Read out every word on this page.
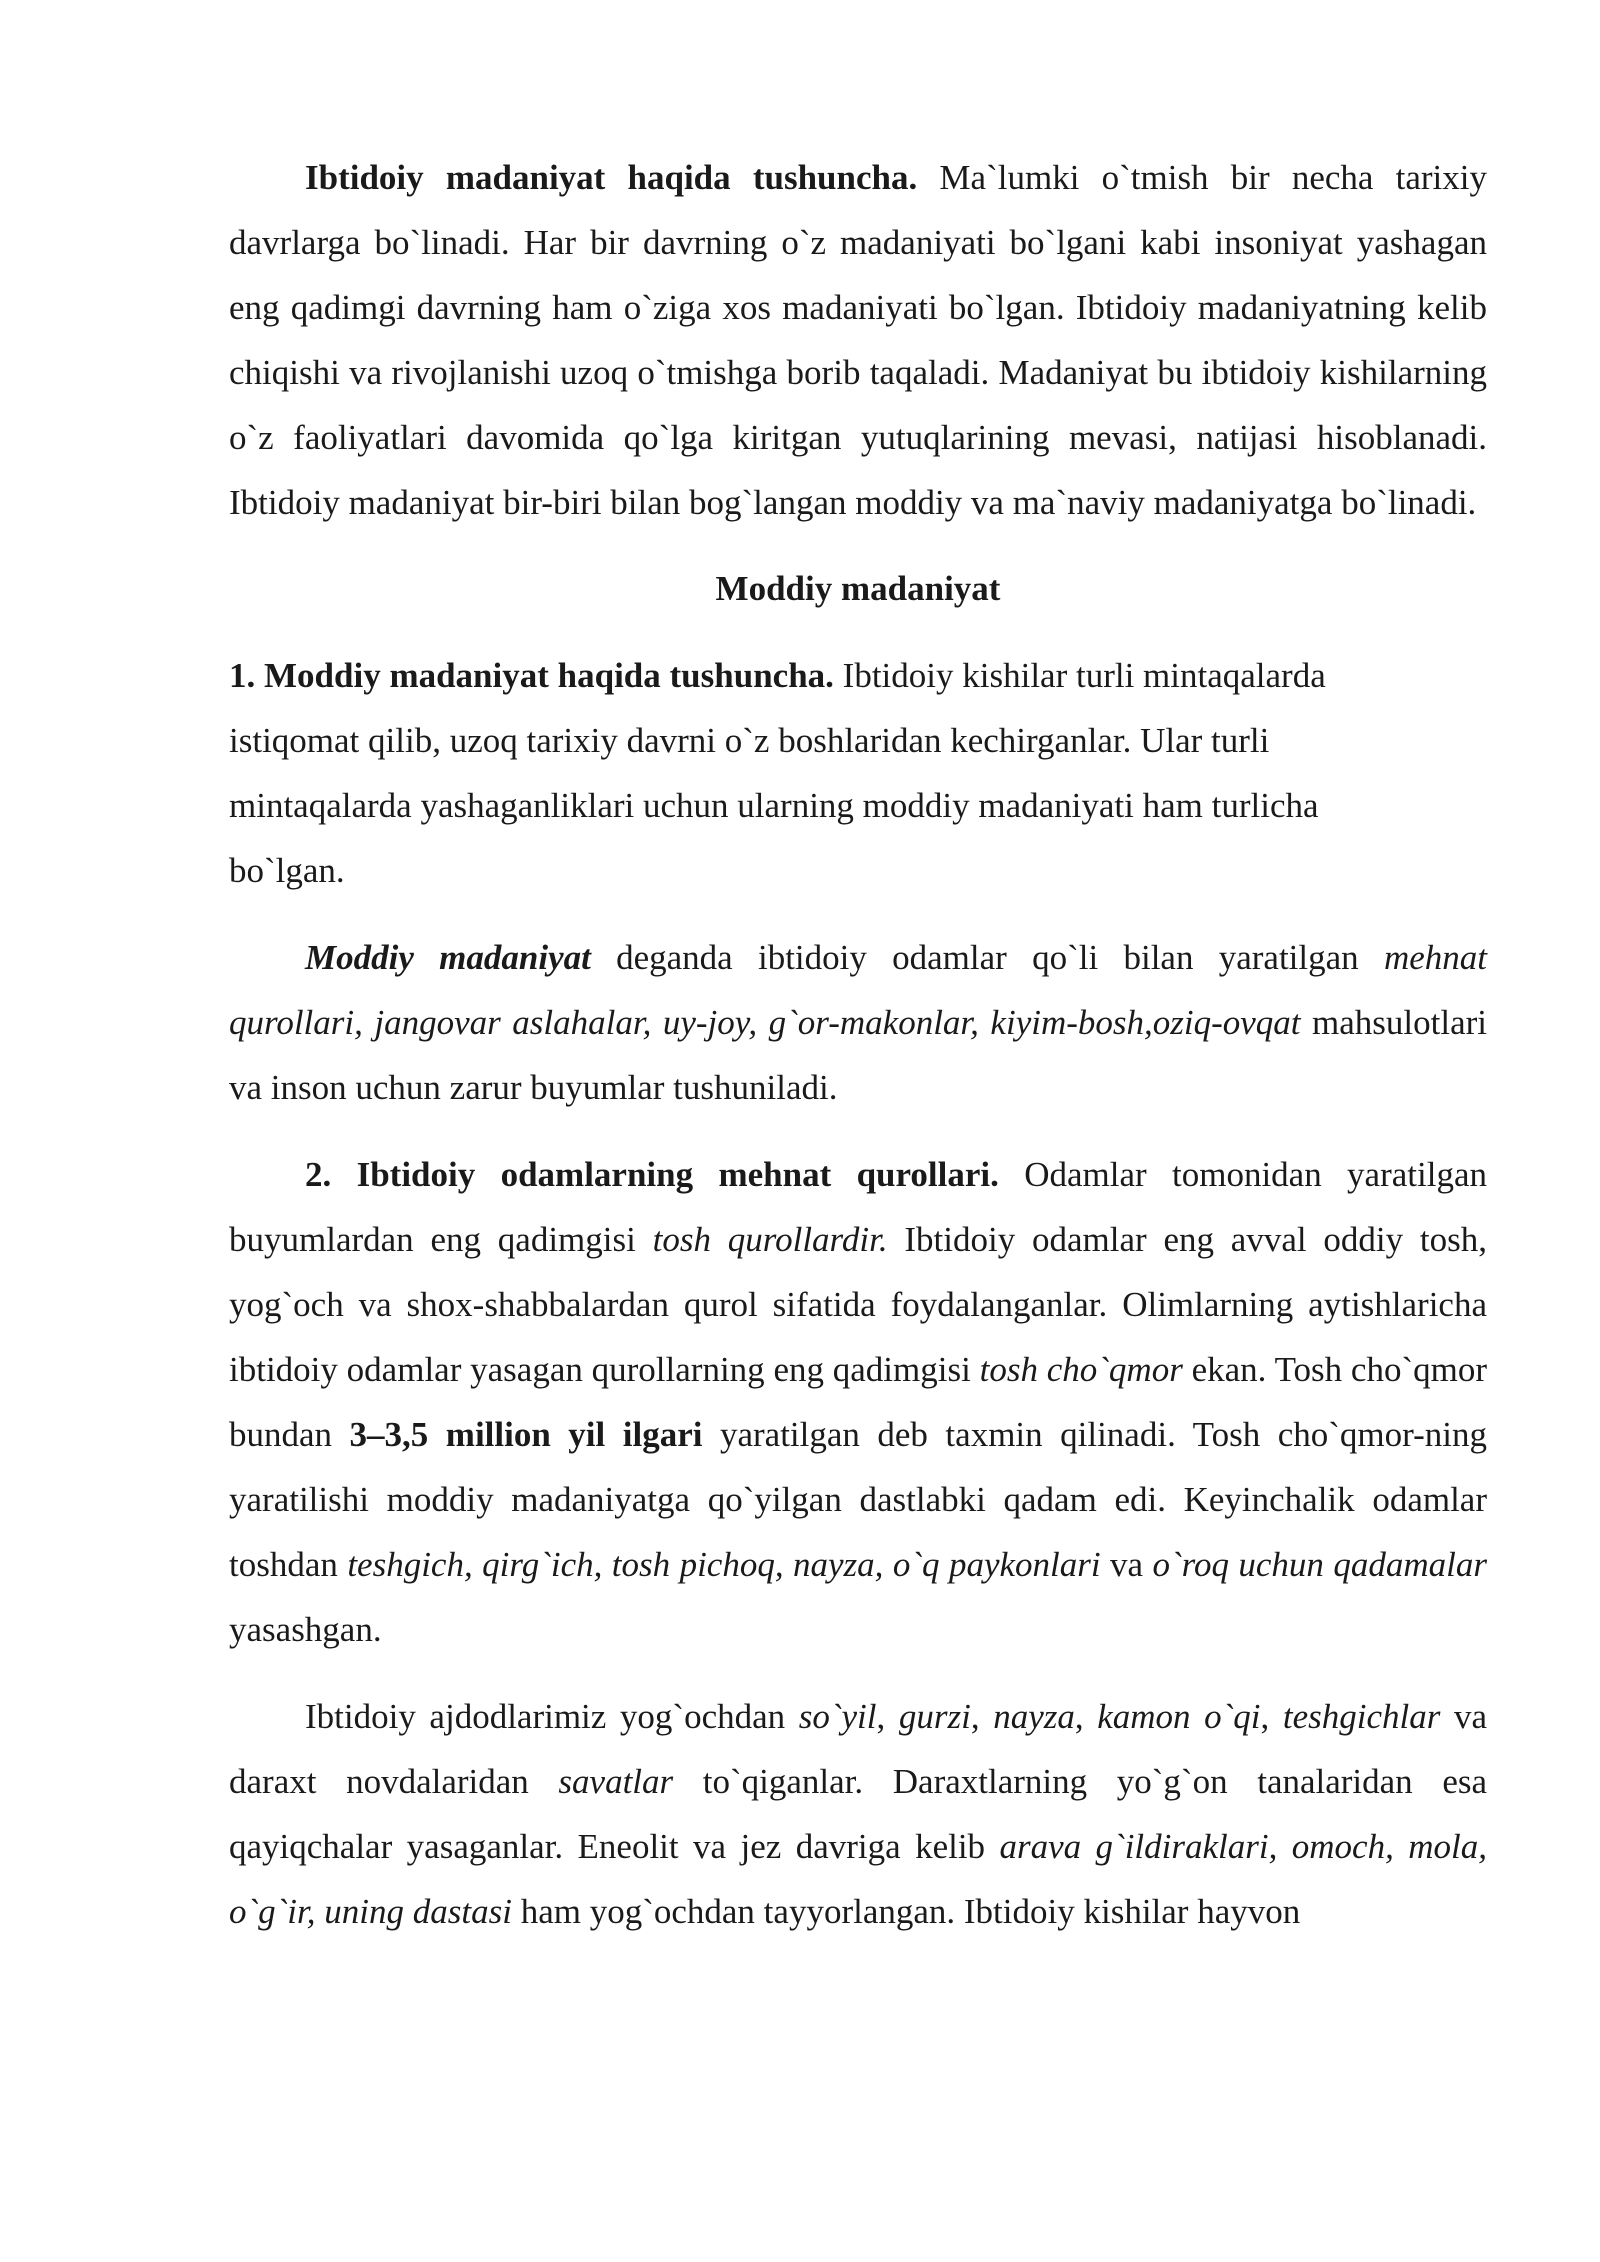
Ibtidoiy madaniyat haqida tushuncha. Ma`lumki o`tmish bir necha tarixiy davrlarga bo`linadi. Har bir davrning o`z madaniyati bo`lgani kabi insoniyat yashagan eng qadimgi davrning ham o`ziga xos madaniyati bo`lgan. Ibtidoiy madaniyatning kelib chiqishi va rivojlanishi uzoq o`tmishga borib taqaladi. Madaniyat bu ibtidoiy kishilarning o`z faoliyatlari davomida qo`lga kiritgan yutuqlarining mevasi, natijasi hisoblanadi. Ibtidoiy madaniyat bir-biri bilan bog`langan moddiy va ma`naviy madaniyatga bo`linadi.

Moddiy madaniyat

1. Moddiy madaniyat haqida tushuncha. Ibtidoiy kishilar turli mintaqalarda
istiqomat qilib, uzoq tarixiy davrni o`z boshlaridan kechirganlar. Ular turli
mintaqalarda yashaganliklari uchun ularning moddiy madaniyati ham turlicha
bo`lgan.

Moddiy madaniyat deganda ibtidoiy odamlar qo`li bilan yaratilgan mehnat qurollari, jangovar aslahalar, uy-joy, g`or-makonlar, kiyim-bosh,oziq-ovqat mahsulotlari va inson uchun zarur buyumlar tushuniladi.

2. Ibtidoiy odamlarning mehnat qurollari. Odamlar tomonidan yaratilgan buyumlardan eng qadimgisi tosh qurollardir. Ibtidoiy odamlar eng avval oddiy tosh, yog`och va shox-shabbalardan qurol sifatida foydalanganlar. Olimlarning aytishlaricha ibtidoiy odamlar yasagan qurollarning eng qadimgisi tosh cho`qmor ekan. Tosh cho`qmor bundan 3–3,5 million yil ilgari yaratilgan deb taxmin qilinadi. Tosh cho`qmor-ning yaratilishi moddiy madaniyatga qo`yilgan dastlabki qadam edi. Keyinchalik odamlar toshdan teshgich, qirg`ich, tosh pichoq, nayza, o`q paykonlari va o`roq uchun qadamalar yasashgan.

Ibtidoiy ajdodlarimiz yog`ochdan so`yil, gurzi, nayza, kamon o`qi, teshgichlar va daraxt novdalaridan savatlar to`qiganlar. Daraxtlarning yo`g`on tanalaridan esa qayiqchalar yasaganlar. Eneolit va jez davriga kelib arava g`ildiraklari, omoch, mola, o`g`ir, uning dastasi ham yog`ochdan tayyorlangan. Ibtidoiy kishilar hayvon
